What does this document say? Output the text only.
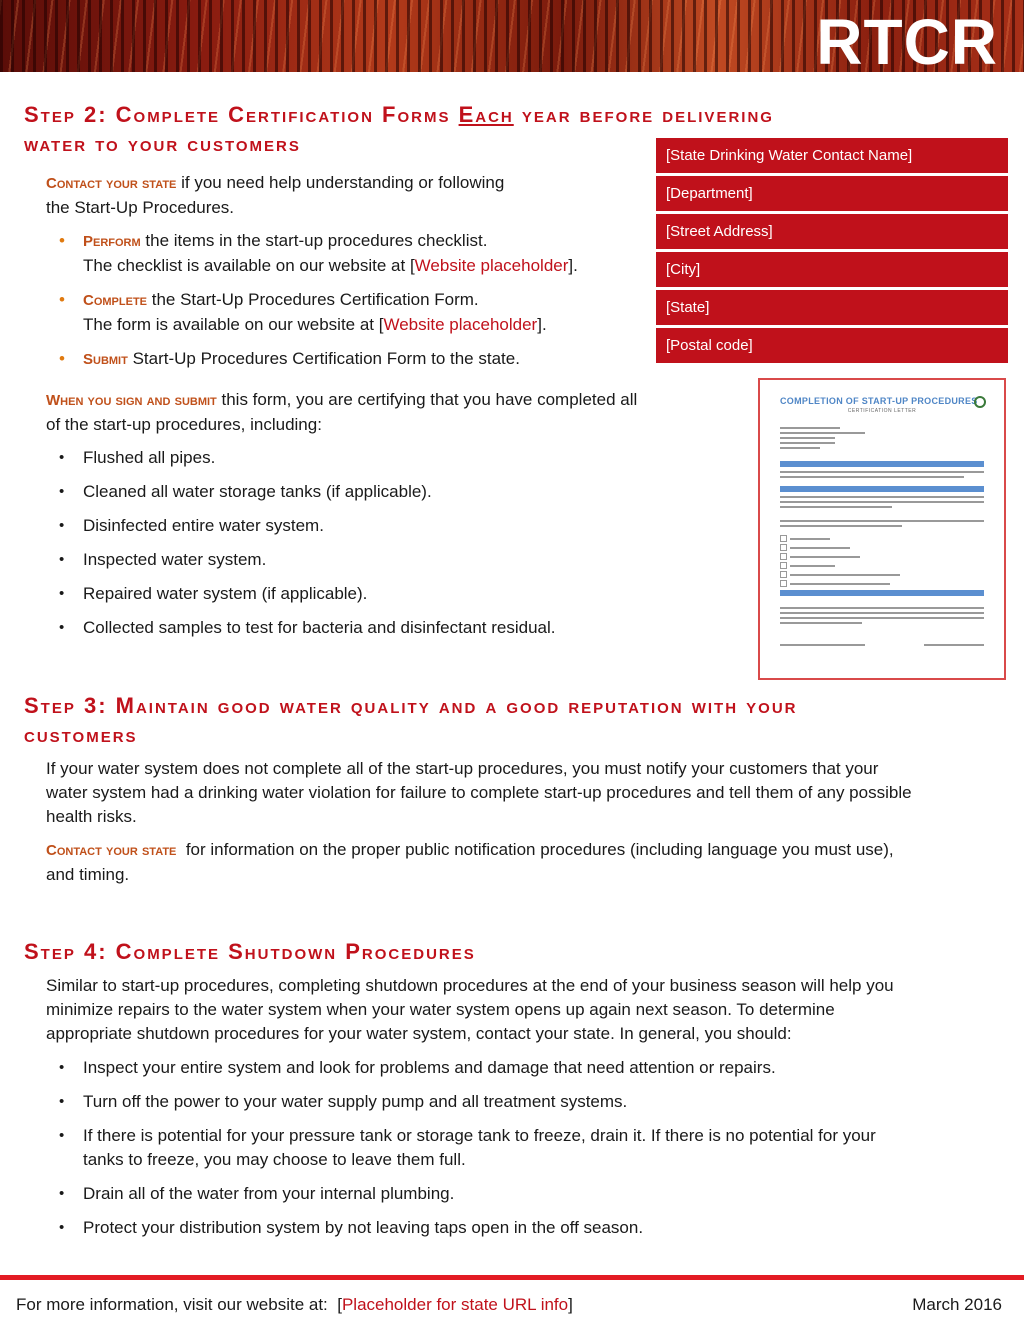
RTCR
Step 2: Complete Certification Forms Each year before delivering
water to your customers
Contact your state if you need help understanding or following
the Start-Up Procedures.
• Perform the items in the start-up procedures checklist.
The checklist is available on our website at [Website placeholder].
• Complete the Start-Up Procedures Certification Form.
The form is available on our website at [Website placeholder].
• Submit Start-Up Procedures Certification Form to the state.
[State Drinking Water Contact Name]
[Department]
[Street Address]
[City]
[State]
[Postal code]
When you sign and submit this form, you are certifying that you have completed all
of the start-up procedures, including:
• Flushed all pipes.
• Cleaned all water storage tanks (if applicable).
• Disinfected entire water system.
• Inspected water system.
• Repaired water system (if applicable).
• Collected samples to test for bacteria and disinfectant residual.
COMPLETION OF START-UP PROCEDURES
CERTIFICATION LETTER
Step 3: Maintain good water quality and a good reputation with your
customers
If your water system does not complete all of the start-up procedures, you must notify your customers that your
water system had a drinking water violation for failure to complete start-up procedures and tell them of any possible
health risks.
Contact your state  for information on the proper public notification procedures (including language you must use),
and timing.
Step 4: Complete Shutdown Procedures
Similar to start-up procedures, completing shutdown procedures at the end of your business season will help you
minimize repairs to the water system when your water system opens up again next season. To determine
appropriate shutdown procedures for your water system, contact your state. In general, you should:
• Inspect your entire system and look for problems and damage that need attention or repairs.
• Turn off the power to your water supply pump and all treatment systems.
• If there is potential for your pressure tank or storage tank to freeze, drain it. If there is no potential for your
tanks to freeze, you may choose to leave them full.
• Drain all of the water from your internal plumbing.
• Protect your distribution system by not leaving taps open in the off season.
For more information, visit our website at:  [Placeholder for state URL info]	March 2016
